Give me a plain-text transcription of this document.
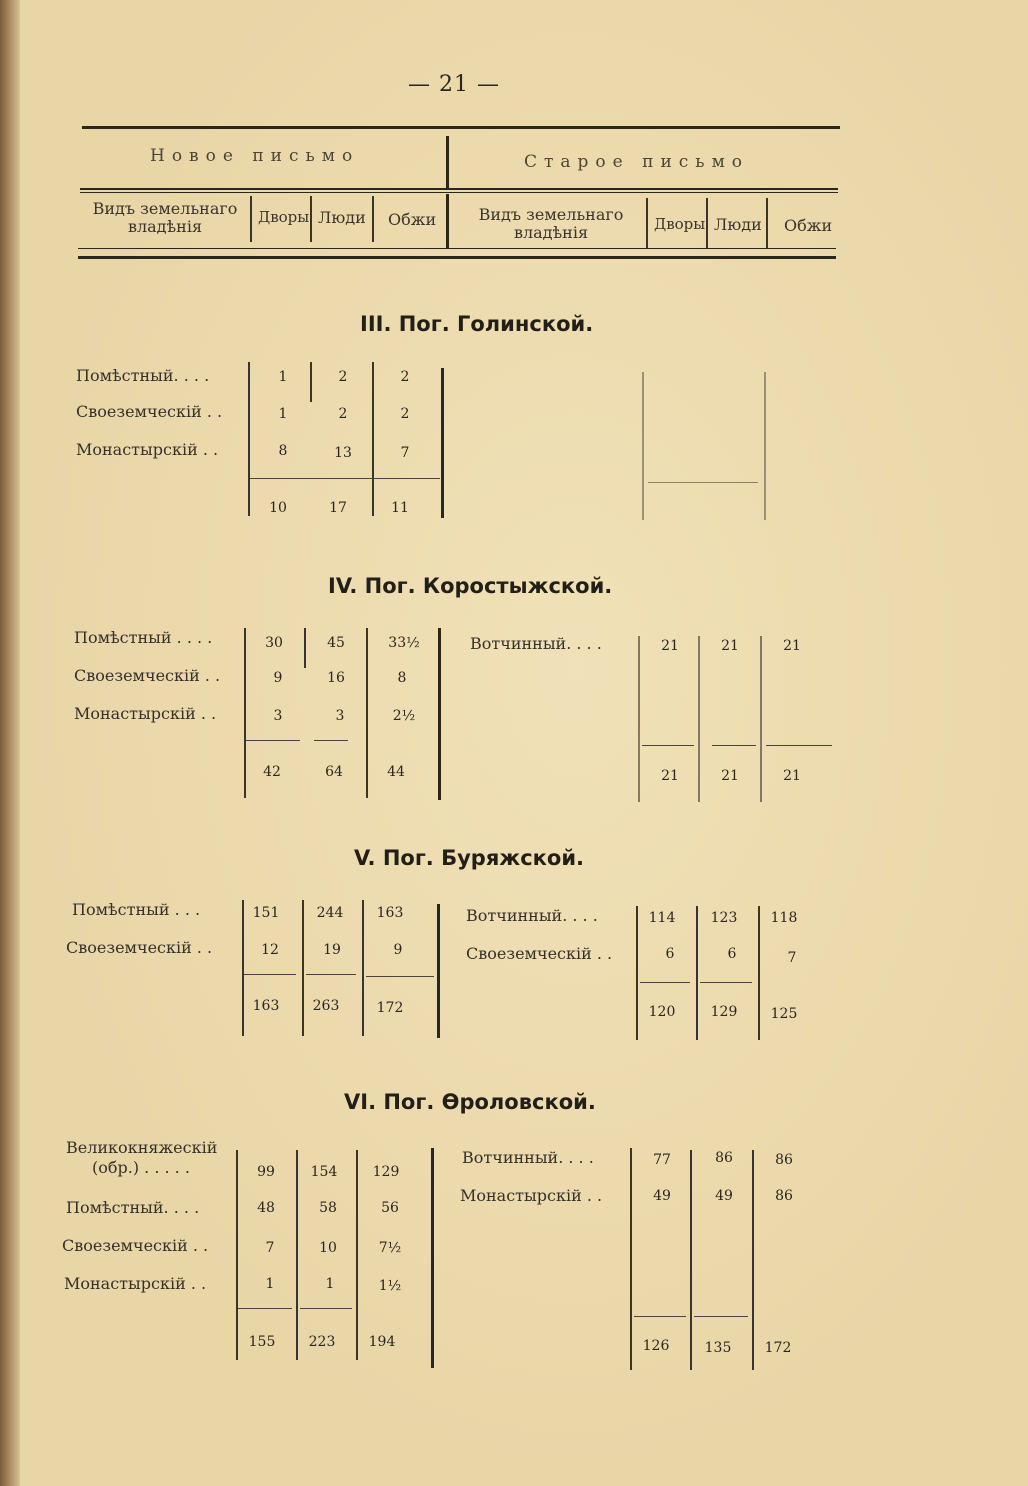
— 21 —
Новое письмо	Старое письмо
Видъ земельнаго владѣнія	Дворы Люди Обжи	Видъ земельнаго владѣнія	Дворы Люди Обжи
III. Пог. Голинской.
Помѣстный. . . .	1	2	2
Своеземческій . .	1	2	2
Монастырскій . .	8	13	7
10	17	11
IV. Пог. Коростыжской.
Помѣстный . . . .	30	45	33½
Своеземческій . .	9	16	8
Монастырскій . .	3	3	2½
42	64	44
Вотчинный. . . .	21	21	21
21	21	21
V. Пог. Буряжской.
Помѣстный . . .	151	244	163
Своеземческій . .	12	19	9
163	263	172
Вотчинный. . . .	114	123	118
Своеземческій . .	6	6	7
120	129	125
VI. Пог. Ѳроловской.
Великокняжескій
(обр.) . . . . .	99	154	129
Помѣстный. . . .	48	58	56
Своеземческій . .	7	10	7½
Монастырскій . .	1	1	1½
155	223	194
Вотчинный. . . .	77	86	86
Монастырскій . .	49	49	86
126	135	172
